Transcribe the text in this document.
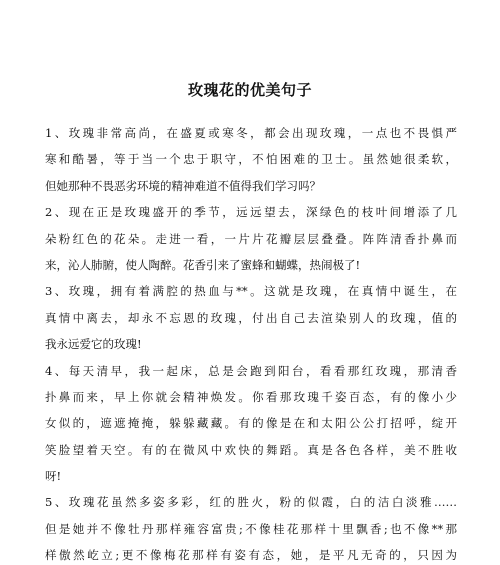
玫瑰花的优美句子
1、玫瑰非常高尚，在盛夏或寒冬，都会出现玫瑰，一点也不畏惧严
寒和酷暑，等于当一个忠于职守，不怕困难的卫士。虽然她很柔软，
但她那种不畏恶劣环境的精神难道不值得我们学习吗？
2、现在正是玫瑰盛开的季节，远远望去，深绿色的枝叶间增添了几
朵粉红色的花朵。走进一看，一片片花瓣层层叠叠。阵阵清香扑鼻而
来，沁人肺腑，使人陶醉。花香引来了蜜蜂和蝴蝶，热闹极了!
3、玫瑰，拥有着满腔的热血与**。这就是玫瑰，在真情中诞生，在
真情中离去，却永不忘恩的玫瑰，付出自己去渲染别人的玫瑰，值的
我永远爱它的玫瑰!
4、每天清早，我一起床，总是会跑到阳台，看看那红玫瑰，那清香
扑鼻而来，早上你就会精神焕发。你看那玫瑰千姿百态，有的像小少
女似的，遮遮掩掩，躲躲藏藏。有的像是在和太阳公公打招呼，绽开
笑脸望着天空。有的在微风中欢快的舞蹈。真是各色各样，美不胜收
呀!
5、玫瑰花虽然多姿多彩，红的胜火，粉的似霞，白的洁白淡雅……
但是她并不像牡丹那样雍容富贵;不像桂花那样十里飘香;也不像**那
样傲然屹立;更不像梅花那样有姿有态，她，是平凡无奇的，只因为
